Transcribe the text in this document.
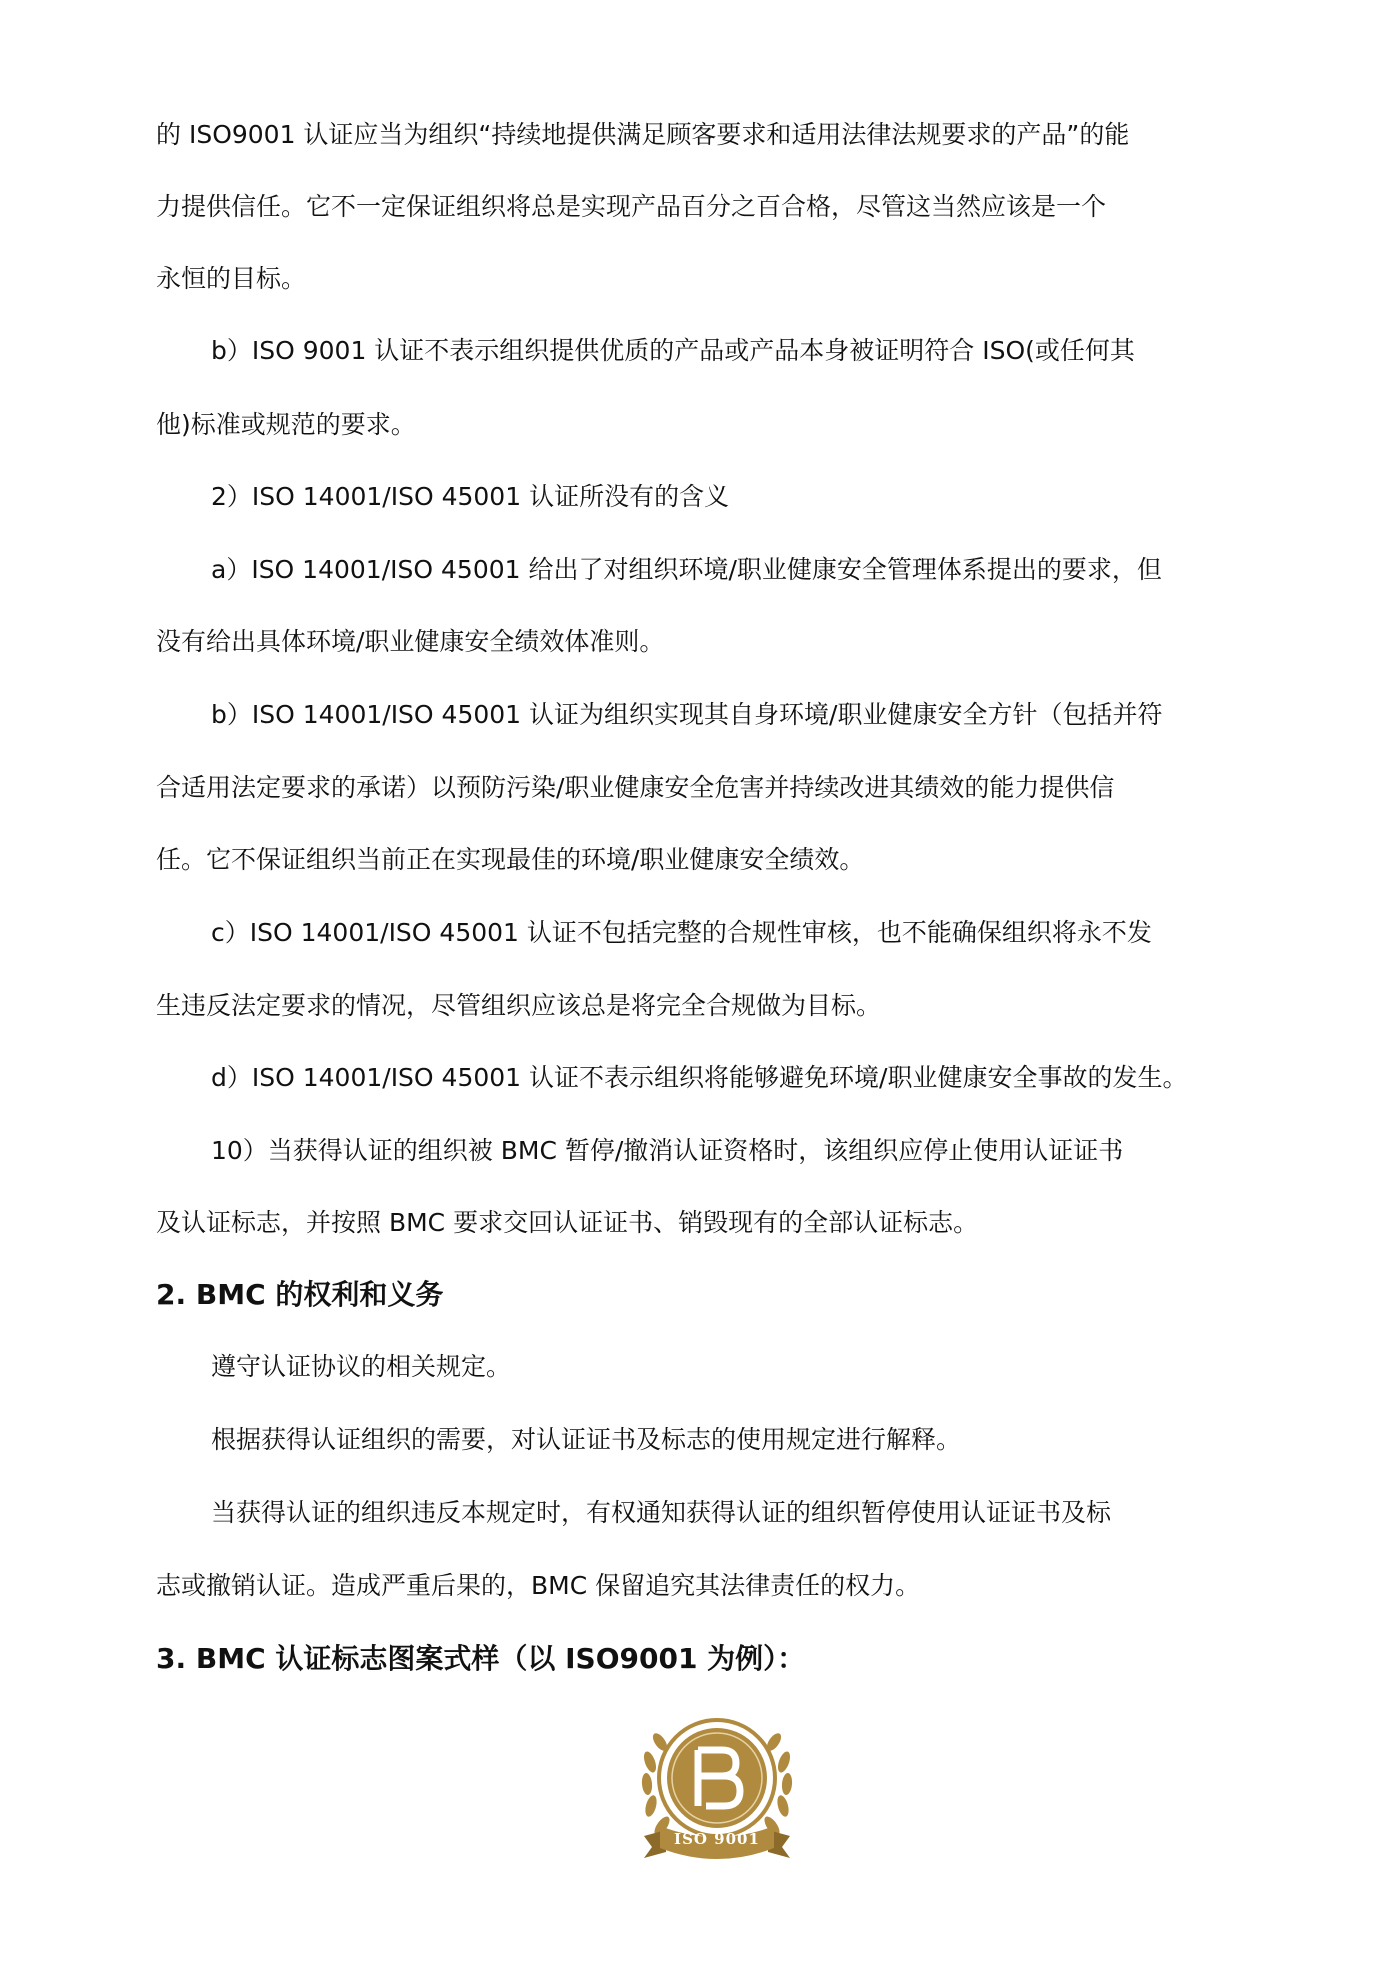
的 ISO9001 认证应当为组织“持续地提供满足顾客要求和适用法律法规要求的产品”的能
力提供信任。它不一定保证组织将总是实现产品百分之百合格，尽管这当然应该是一个
永恒的目标。
b）ISO 9001 认证不表示组织提供优质的产品或产品本身被证明符合 ISO(或任何其
他)标准或规范的要求。
2）ISO 14001/ISO 45001 认证所没有的含义
a）ISO 14001/ISO 45001 给出了对组织环境/职业健康安全管理体系提出的要求，但
没有给出具体环境/职业健康安全绩效体准则。
b）ISO 14001/ISO 45001 认证为组织实现其自身环境/职业健康安全方针（包括并符
合适用法定要求的承诺）以预防污染/职业健康安全危害并持续改进其绩效的能力提供信
任。它不保证组织当前正在实现最佳的环境/职业健康安全绩效。
c）ISO 14001/ISO 45001 认证不包括完整的合规性审核，也不能确保组织将永不发
生违反法定要求的情况，尽管组织应该总是将完全合规做为目标。
d）ISO 14001/ISO 45001 认证不表示组织将能够避免环境/职业健康安全事故的发生。
10）当获得认证的组织被 BMC 暂停/撤消认证资格时，该组织应停止使用认证证书
及认证标志，并按照 BMC 要求交回认证证书、销毁现有的全部认证标志。
2. BMC 的权利和义务
遵守认证协议的相关规定。
根据获得认证组织的需要，对认证证书及标志的使用规定进行解释。
当获得认证的组织违反本规定时，有权通知获得认证的组织暂停使用认证证书及标
志或撤销认证。造成严重后果的，BMC 保留追究其法律责任的权力。
3. BMC 认证标志图案式样（以 ISO9001 为例）：
ISO 9001
